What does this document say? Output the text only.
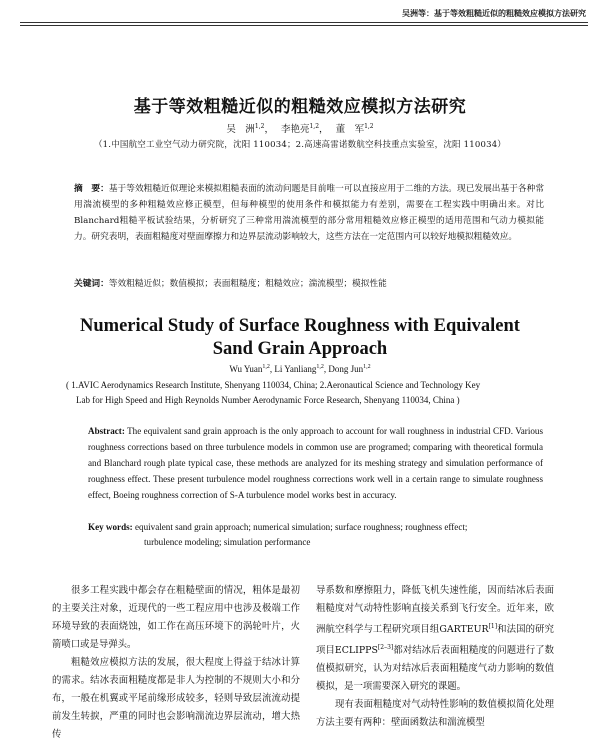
吴洲等：基于等效粗糙近似的粗糙效应模拟方法研究
基于等效粗糙近似的粗糙效应模拟方法研究
吴　洲$^{1,2}$， 李艳亮$^{1,2}$， 董　军$^{1,2}$
（1.中国航空工业空气动力研究院，沈阳 110034；2.高速高雷诺数航空科技重点实验室，沈阳 110034）
摘　要：基于等效粗糙近似理论来模拟粗糙表面的流动问题是目前唯一可以直接应用于二维的方法。现已发展出基于各种常用湍流模型的多种粗糙效应修正模型，但每种模型的使用条件和模拟能力有差别，需要在工程实践中明确出来。对比Blanchard粗糙平板试验结果，分析研究了三种常用湍流模型的部分常用粗糙效应修正模型的适用范围和气动力模拟能力。研究表明，表面粗糙度对壁面摩擦力和边界层流动影响较大，这些方法在一定范围内可以较好地模拟粗糙效应。
关键词：等效粗糙近似；数值模拟；表面粗糙度；粗糙效应；湍流模型；模拟性能
Numerical Study of Surface Roughness with Equivalent Sand Grain Approach
Wu Yuan$^{1,2}$, Li Yanliang$^{1,2}$, Dong Jun$^{1,2}$
( 1.AVIC Aerodynamics Research Institute, Shenyang 110034, China; 2.Aeronautical Science and Technology Key
Lab for High Speed and High Reynolds Number Aerodynamic Force Research, Shenyang 110034, China )
Abstract: The equivalent sand grain approach is the only approach to account for wall roughness in industrial CFD. Various roughness corrections based on three turbulence models in common use are programed; comparing with theoretical formula and Blanchard rough plate typical case, these methods are analyzed for its meshing strategy and simulation performance of roughness effect. These present turbulence model roughness corrections work well in a certain range to simulate roughness effect, Boeing roughness correction of S-A turbulence model works best in accuracy.
Key words: equivalent sand grain approach; numerical simulation; surface roughness; roughness effect;
turbulence modeling; simulation performance

很多工程实践中都会存在粗糙壁面的情况，粗体是最初的主要关注对象，近现代的一些工程应用中也涉及极端工作环境导致的表面烧蚀，如工作在高压环境下的涡轮叶片，火箭喷口或是导弹头。

粗糙效应模拟方法的发展，很大程度上得益于结冰计算的需求。结冰表面粗糙度都是非人为控制的不规则大小和分布，一般在机翼或平尾前缘形成较多，轻则导致层流流动提前发生转捩，严重的同时也会影响湍流边界层流动，增大热传

导系数和摩擦阻力，降低飞机失速性能，因而结冰后表面粗糙度对气动特性影响直接关系到飞行安全。近年来，欧洲航空科学与工程研究项目组GARTEUR[1]和法国的研究项目ECLIPPS[2–3]都对结冰后表面粗糙度的问题进行了数值模拟研究，认为对结冰后表面粗糙度气动力影响的数值模拟，是一项需要深入研究的课题。

现有表面粗糙度对气动特性影响的数值模拟简化处理方法主要有两种：壁面函数法和湍流模型
